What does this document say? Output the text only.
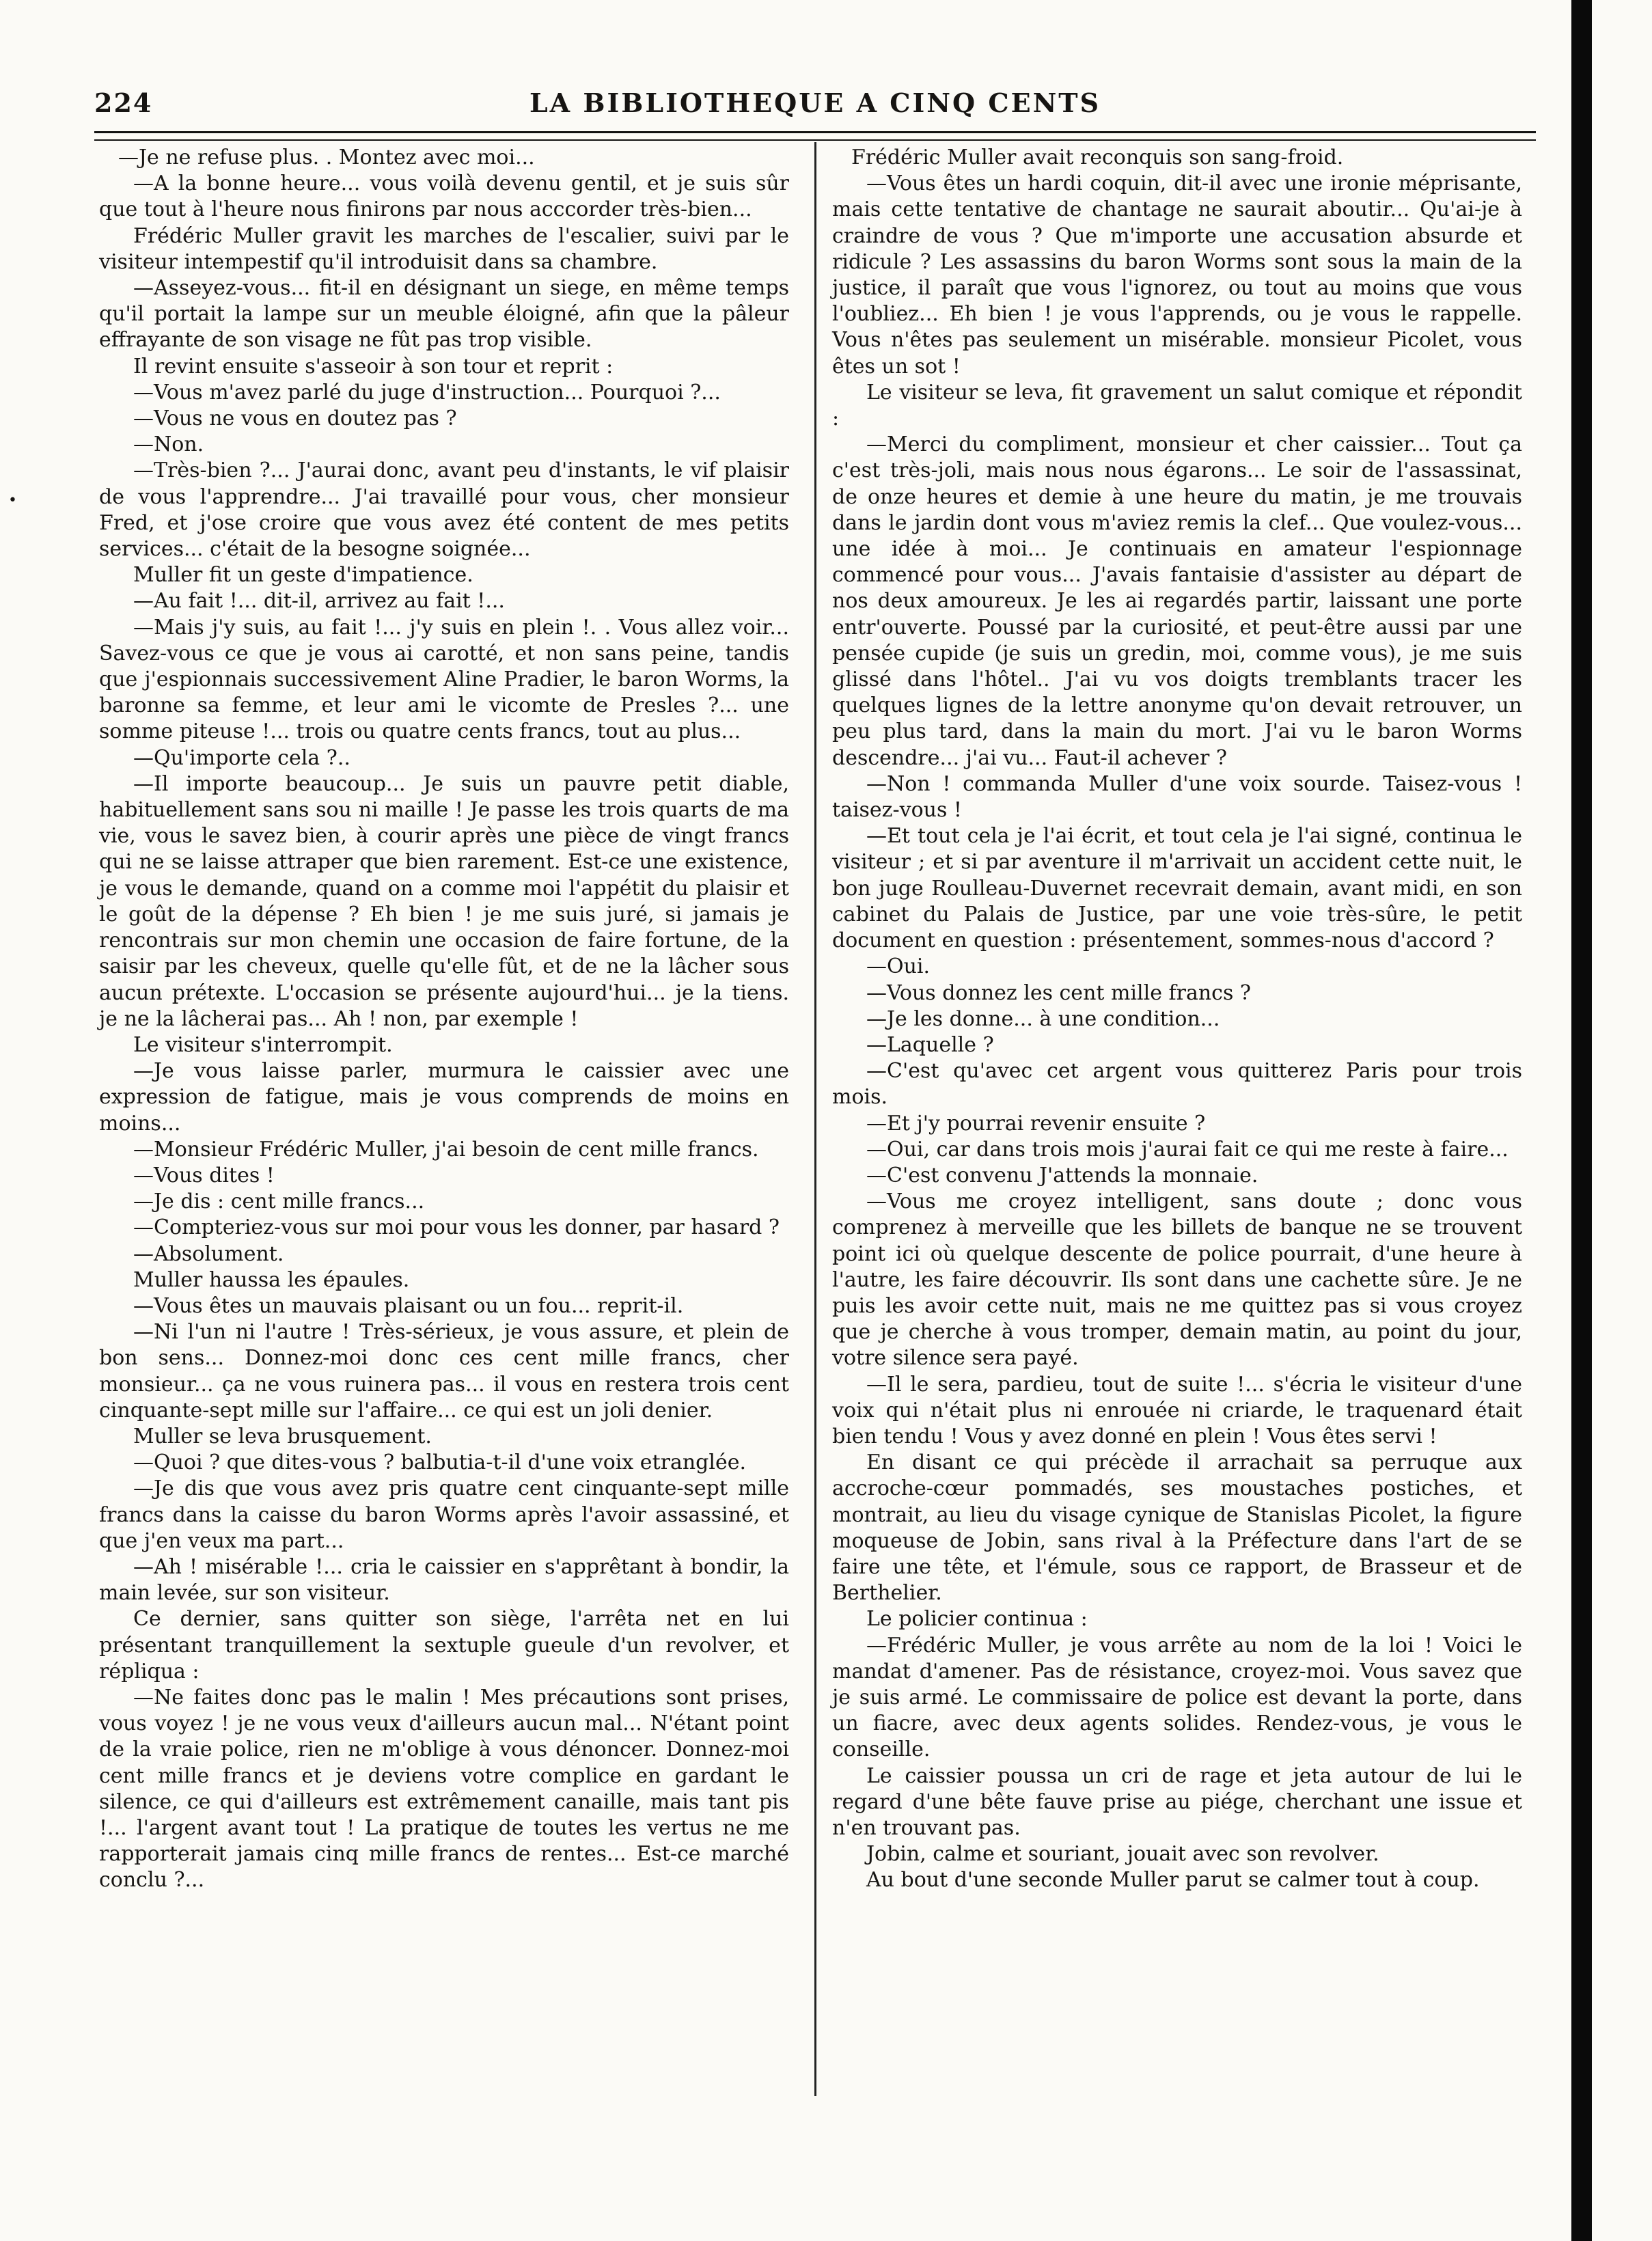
224	LA BIBLIOTHEQUE A CINQ CENTS
•

—Je ne refuse plus. . Montez avec moi...

—A la bonne heure... vous voilà devenu gentil, et je suis sûr que tout à l'heure nous finirons par nous acccorder très-bien...

Frédéric Muller gravit les marches de l'escalier, suivi par le visiteur intempestif qu'il introduisit dans sa chambre.

—Asseyez-vous... fit-il en désignant un siege, en même temps qu'il portait la lampe sur un meuble éloigné, afin que la pâleur effrayante de son visage ne fût pas trop visible.

Il revint ensuite s'asseoir à son tour et reprit :

—Vous m'avez parlé du juge d'instruction... Pourquoi ?...

—Vous ne vous en doutez pas ?

—Non.

—Très-bien ?... J'aurai donc, avant peu d'instants, le vif plaisir de vous l'apprendre... J'ai travaillé pour vous, cher monsieur Fred, et j'ose croire que vous avez été content de mes petits services... c'était de la besogne soignée...

Muller fit un geste d'impatience.

—Au fait !... dit-il, arrivez au fait !...

—Mais j'y suis, au fait !... j'y suis en plein !. . Vous allez voir... Savez-vous ce que je vous ai carotté, et non sans peine, tandis que j'espionnais successivement Aline Pradier, le baron Worms, la baronne sa femme, et leur ami le vicomte de Presles ?... une somme piteuse !... trois ou quatre cents francs, tout au plus...

—Qu'importe cela ?..

—Il importe beaucoup... Je suis un pauvre petit diable, habituellement sans sou ni maille ! Je passe les trois quarts de ma vie, vous le savez bien, à courir après une pièce de vingt francs qui ne se laisse attraper que bien rarement. Est-ce une existence, je vous le demande, quand on a comme moi l'appétit du plaisir et le goût de la dépense ? Eh bien ! je me suis juré, si jamais je rencontrais sur mon chemin une occasion de faire fortune, de la saisir par les cheveux, quelle qu'elle fût, et de ne la lâcher sous aucun prétexte. L'occasion se présente aujourd'hui... je la tiens. je ne la lâcherai pas... Ah ! non, par exemple !

Le visiteur s'interrompit.

—Je vous laisse parler, murmura le caissier avec une expression de fatigue, mais je vous comprends de moins en moins...

—Monsieur Frédéric Muller, j'ai besoin de cent mille francs.

—Vous dites !

—Je dis : cent mille francs...

—Compteriez-vous sur moi pour vous les donner, par hasard ?

—Absolument.

Muller haussa les épaules.

—Vous êtes un mauvais plaisant ou un fou... reprit-il.

—Ni l'un ni l'autre ! Très-sérieux, je vous assure, et plein de bon sens... Donnez-moi donc ces cent mille francs, cher monsieur... ça ne vous ruinera pas... il vous en restera trois cent cinquante-sept mille sur l'affaire... ce qui est un joli denier.

Muller se leva brusquement.

—Quoi ? que dites-vous ? balbutia-t-il d'une voix etranglée.

—Je dis que vous avez pris quatre cent cinquante-sept mille francs dans la caisse du baron Worms après l'avoir assassiné, et que j'en veux ma part...

—Ah ! misérable !... cria le caissier en s'apprêtant à bondir, la main levée, sur son visiteur.

Ce dernier, sans quitter son siège, l'arrêta net en lui présentant tranquillement la sextuple gueule d'un revolver, et répliqua :

—Ne faites donc pas le malin ! Mes précautions sont prises, vous voyez ! je ne vous veux d'ailleurs aucun mal... N'étant point de la vraie police, rien ne m'oblige à vous dénoncer. Donnez-moi cent mille francs et je deviens votre complice en gardant le silence, ce qui d'ailleurs est extrêmement canaille, mais tant pis !... l'argent avant tout ! La pratique de toutes les vertus ne me rapporterait jamais cinq mille francs de rentes... Est-ce marché conclu ?...

Frédéric Muller avait reconquis son sang-froid.

—Vous êtes un hardi coquin, dit-il avec une ironie méprisante, mais cette tentative de chantage ne saurait aboutir... Qu'ai-je à craindre de vous ? Que m'importe une accusation absurde et ridicule ? Les assassins du baron Worms sont sous la main de la justice, il paraît que vous l'ignorez, ou tout au moins que vous l'oubliez... Eh bien ! je vous l'apprends, ou je vous le rappelle. Vous n'êtes pas seulement un misérable. monsieur Picolet, vous êtes un sot !

Le visiteur se leva, fit gravement un salut comique et répondit :

—Merci du compliment, monsieur et cher caissier... Tout ça c'est très-joli, mais nous nous égarons... Le soir de l'assassinat, de onze heures et demie à une heure du matin, je me trouvais dans le jardin dont vous m'aviez remis la clef... Que voulez-vous... une idée à moi... Je continuais en amateur l'espionnage commencé pour vous... J'avais fantaisie d'assister au départ de nos deux amoureux. Je les ai regardés partir, laissant une porte entr'ouverte. Poussé par la curiosité, et peut-être aussi par une pensée cupide (je suis un gredin, moi, comme vous), je me suis glissé dans l'hôtel.. J'ai vu vos doigts tremblants tracer les quelques lignes de la lettre anonyme qu'on devait retrouver, un peu plus tard, dans la main du mort. J'ai vu le baron Worms descendre... j'ai vu... Faut-il achever ?

—Non ! commanda Muller d'une voix sourde. Taisez-vous ! taisez-vous !

—Et tout cela je l'ai écrit, et tout cela je l'ai signé, continua le visiteur ; et si par aventure il m'arrivait un accident cette nuit, le bon juge Roulleau-Duvernet recevrait demain, avant midi, en son cabinet du Palais de Justice, par une voie très-sûre, le petit document en question : présentement, sommes-nous d'accord ?

—Oui.

—Vous donnez les cent mille francs ?

—Je les donne... à une condition...

—Laquelle ?

—C'est qu'avec cet argent vous quitterez Paris pour trois mois.

—Et j'y pourrai revenir ensuite ?

—Oui, car dans trois mois j'aurai fait ce qui me reste à faire...

—C'est convenu J'attends la monnaie.

—Vous me croyez intelligent, sans doute ; donc vous comprenez à merveille que les billets de banque ne se trouvent point ici où quelque descente de police pourrait, d'une heure à l'autre, les faire découvrir. Ils sont dans une cachette sûre. Je ne puis les avoir cette nuit, mais ne me quittez pas si vous croyez que je cherche à vous tromper, demain matin, au point du jour, votre silence sera payé.

—Il le sera, pardieu, tout de suite !... s'écria le visiteur d'une voix qui n'était plus ni enrouée ni criarde, le traquenard était bien tendu ! Vous y avez donné en plein ! Vous êtes servi !

En disant ce qui précède il arrachait sa perruque aux accroche-cœur pommadés, ses moustaches postiches, et montrait, au lieu du visage cynique de Stanislas Picolet, la figure moqueuse de Jobin, sans rival à la Préfecture dans l'art de se faire une tête, et l'émule, sous ce rapport, de Brasseur et de Berthelier.

Le policier continua :

—Frédéric Muller, je vous arrête au nom de la loi ! Voici le mandat d'amener. Pas de résistance, croyez-moi. Vous savez que je suis armé. Le commissaire de police est devant la porte, dans un fiacre, avec deux agents solides. Rendez-vous, je vous le conseille.

Le caissier poussa un cri de rage et jeta autour de lui le regard d'une bête fauve prise au piége, cherchant une issue et n'en trouvant pas.

Jobin, calme et souriant, jouait avec son revolver.

Au bout d'une seconde Muller parut se calmer tout à coup.
